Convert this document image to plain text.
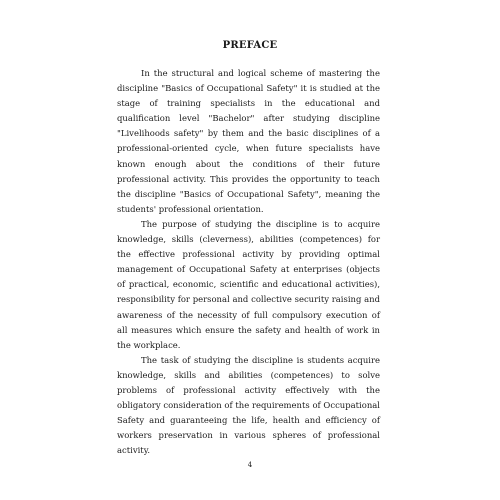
PREFACE

In the structural and logical scheme of mastering the discipline "Basics of Occupational Safety" it is studied at the stage of training specialists in the educational and qualification level "Bachelor" after studying discipline "Livelihoods safety" by them and the basic disciplines of a professional-oriented cycle, when future specialists have known enough about the conditions of their future professional activity. This provides the opportunity to teach the discipline "Basics of Occupational Safety", meaning the students' professional orientation.

The purpose of studying the discipline is to acquire knowledge, skills (cleverness), abilities (competences) for the effective professional activity by providing optimal management of Occupational Safety at enterprises (objects of practical, economic, scientific and educational activities), responsibility for personal and collective security raising and awareness of the necessity of full compulsory execution of all measures which ensure the safety and health of work in the workplace.

The task of studying the discipline is students acquire knowledge, skills and abilities (competences) to solve problems of professional activity effectively with the obligatory consideration of the requirements of Occupational Safety and guaranteeing the life, health and efficiency of workers preservation in various spheres of professional activity.

4
